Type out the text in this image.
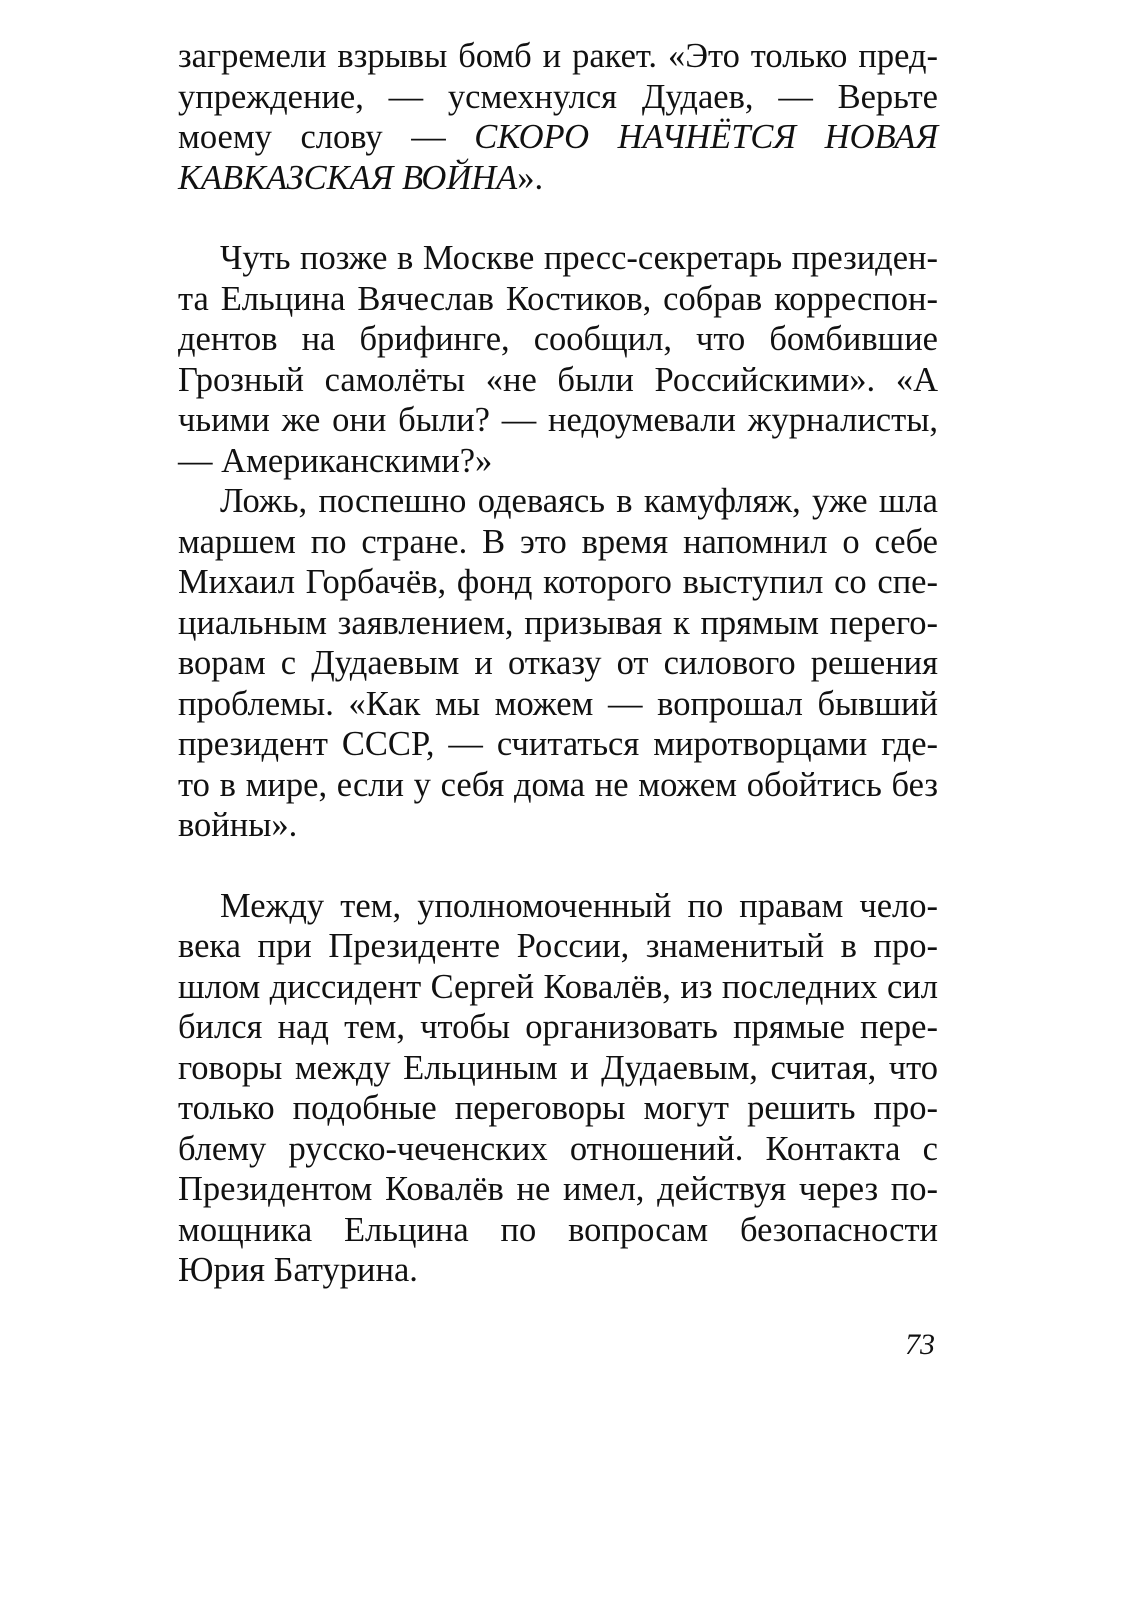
загремели взрывы бомб и ракет. «Это только предупреждение, — усмехнулся Дудаев, — Верьте моему слову — СКОРО НАЧНЁТСЯ НОВАЯ КАВКАЗСКАЯ ВОЙНА».

Чуть позже в Москве пресс-секретарь президента Ельцина Вячеслав Костиков, собрав корреспондентов на брифинге, сообщил, что бомбившие Грозный самолёты «не были Российскими». «А чьими же они были? — недоумевали журналисты, — Американскими?»

Ложь, поспешно одеваясь в камуфляж, уже шла маршем по стране. В это время напомнил о себе Михаил Горбачёв, фонд которого выступил со специальным заявлением, призывая к прямым переговорам с Дудаевым и отказу от силового решения проблемы. «Как мы можем — вопрошал бывший президент СССР, — считаться миротворцами где-то в мире, если у себя дома не можем обойтись без войны».

Между тем, уполномоченный по правам человека при Президенте России, знаменитый в прошлом диссидент Сергей Ковалёв, из последних сил бился над тем, чтобы организовать прямые переговоры между Ельциным и Дудаевым, считая, что только подобные переговоры могут решить проблему русско-чеченских отношений. Контакта с Президентом Ковалёв не имел, действуя через помощника Ельцина по вопросам безопасности Юрия Батурина.

73
